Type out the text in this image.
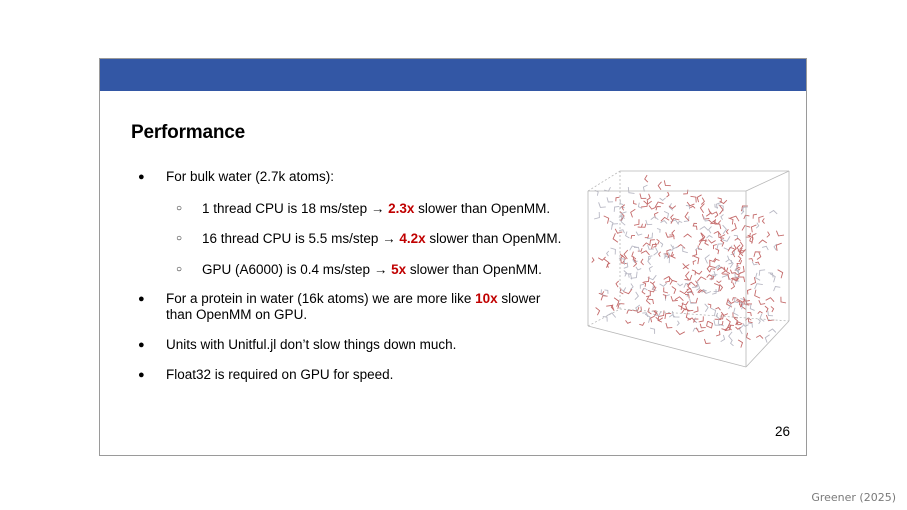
Performance
● For bulk water (2.7k atoms):
○ 1 thread CPU is 18 ms/step → 2.3x slower than OpenMM.
○ 16 thread CPU is 5.5 ms/step → 4.2x slower than OpenMM.
○ GPU (A6000) is 0.4 ms/step → 5x slower than OpenMM.
● For a protein in water (16k atoms) we are more like 10x slower than OpenMM on GPU.
● Units with Unitful.jl don’t slow things down much.
● Float32 is required on GPU for speed.
26
Greener (2025)
